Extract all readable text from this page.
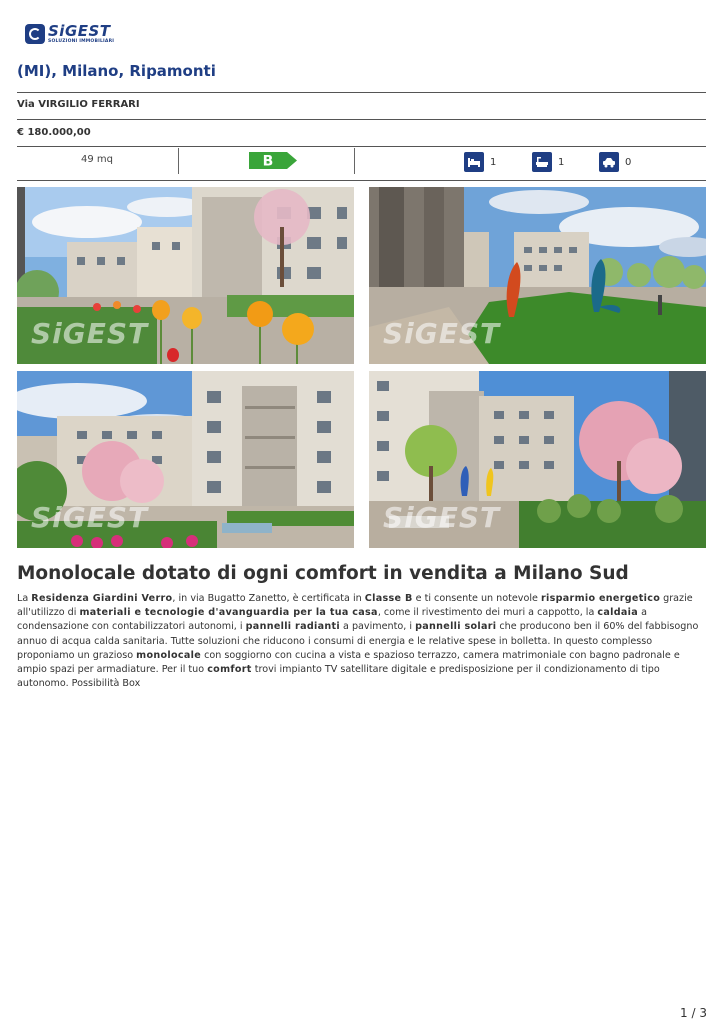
SiGEST
SOLUZIONI IMMOBILIARI
(MI), Milano, Ripamonti
Via VIRGILIO FERRARI
€ 180.000,00
49 mq	B	1	1	0
SiGEST	SiGEST
SiGEST	SiGEST
Monolocale dotato di ogni comfort in vendita a Milano Sud

La Residenza Giardini Verro, in via Bugatto Zanetto, è certificata in Classe B e ti consente un notevole risparmio energetico grazie all'utilizzo di materiali e tecnologie d'avanguardia per la tua casa, come il rivestimento dei muri a cappotto, la caldaia a condensazione con contabilizzatori autonomi, i pannelli radianti a pavimento, i pannelli solari che producono ben il 60% del fabbisogno annuo di acqua calda sanitaria. Tutte soluzioni che riducono i consumi di energia e le relative spese in bolletta. In questo complesso proponiamo un grazioso monolocale con soggiorno con cucina a vista e spazioso terrazzo, camera matrimoniale con bagno padronale e ampio spazi per armadiature. Per il tuo comfort trovi impianto TV satellitare digitale e predisposizione per il condizionamento di tipo autonomo. Possibilità Box

1 / 3
